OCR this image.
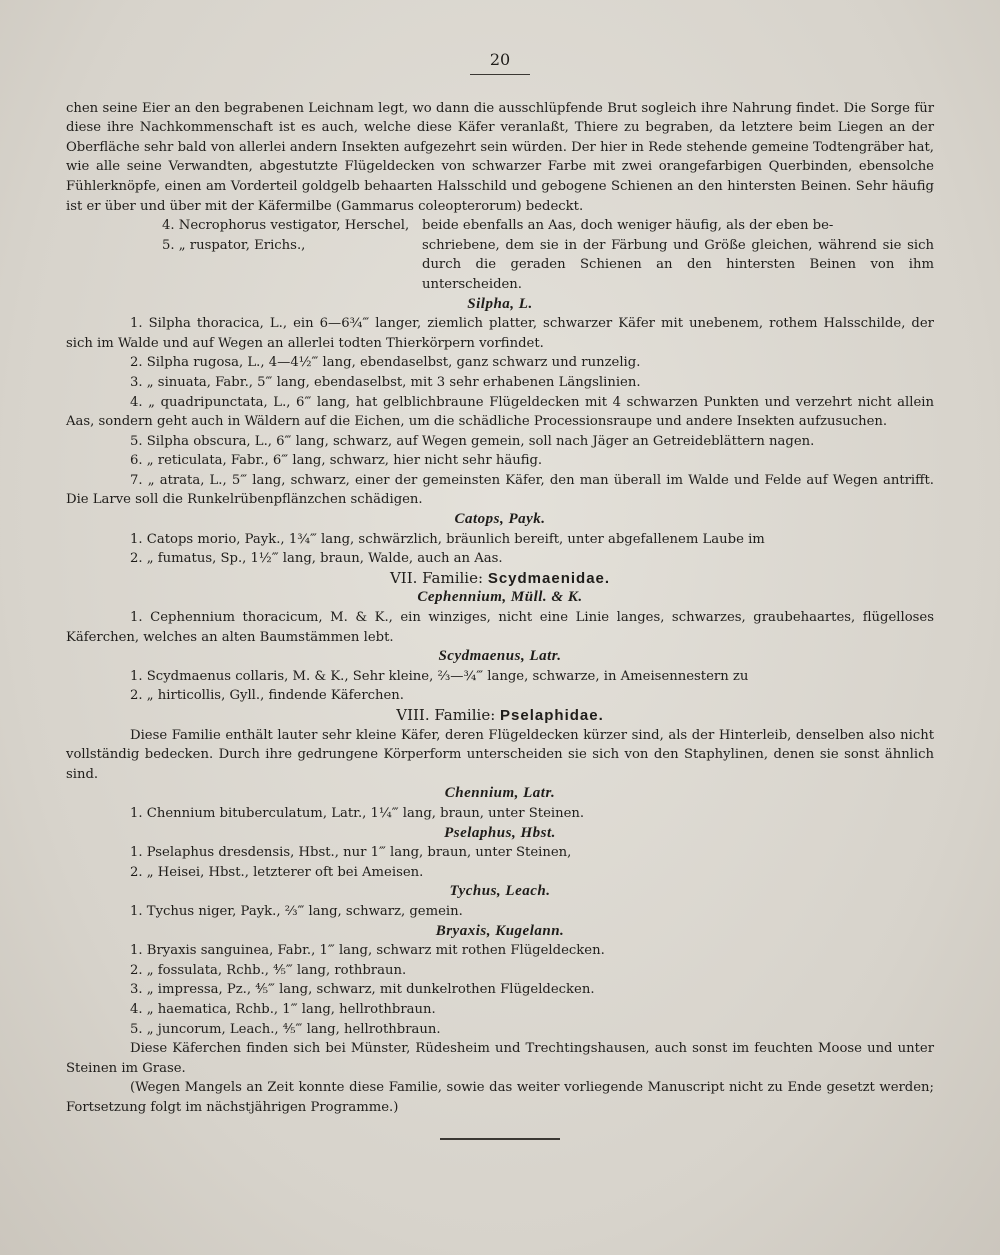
20

chen seine Eier an den begrabenen Leichnam legt, wo dann die ausschlüpfende Brut sogleich ihre Nahrung findet. Die Sorge für diese ihre Nachkommenschaft ist es auch, welche diese Käfer veranlaßt, Thiere zu begraben, da letztere beim Liegen an der Oberfläche sehr bald von allerlei andern Insekten aufgezehrt sein würden. Der hier in Rede stehende gemeine Todtengräber hat, wie alle seine Verwandten, abgestutzte Flügeldecken von schwarzer Farbe mit zwei orangefarbigen Querbinden, ebensolche Fühlerknöpfe, einen am Vorderteil goldgelb behaarten Halsschild und gebogene Schienen an den hintersten Beinen. Sehr häufig ist er über und über mit der Käfermilbe (Gammarus coleopterorum) bedeckt.

4. Necrophorus vestigator, Herschel, beide ebenfalls an Aas, doch weniger häufig, als der eben be-
5. „ ruspator, Erichs.,	schriebene, dem sie in der Färbung und Größe gleichen, während sie sich durch die geraden Schienen an den hintersten Beinen von ihm unterscheiden.
Silpha, L.

1. Silpha thoracica, L., ein 6—6¾‴ langer, ziemlich platter, schwarzer Käfer mit unebenem, rothem Halsschilde, der sich im Walde und auf Wegen an allerlei todten Thierkörpern vorfindet.

2. Silpha rugosa, L., 4—4½‴ lang, ebendaselbst, ganz schwarz und runzelig.

3. „ sinuata, Fabr., 5‴ lang, ebendaselbst, mit 3 sehr erhabenen Längslinien.

4. „ quadripunctata, L., 6‴ lang, hat gelblichbraune Flügeldecken mit 4 schwarzen Punkten und verzehrt nicht allein Aas, sondern geht auch in Wäldern auf die Eichen, um die schädliche Processionsraupe und andere Insekten aufzusuchen.

5. Silpha obscura, L., 6‴ lang, schwarz, auf Wegen gemein, soll nach Jäger an Getreideblättern nagen.

6. „ reticulata, Fabr., 6‴ lang, schwarz, hier nicht sehr häufig.

7. „ atrata, L., 5‴ lang, schwarz, einer der gemeinsten Käfer, den man überall im Walde und Felde auf Wegen antrifft. Die Larve soll die Runkelrübenpflänzchen schädigen.

Catops, Payk.

1. Catops morio, Payk., 1¾‴ lang, schwärzlich, bräunlich bereift, unter abgefallenem Laube im

2. „ fumatus, Sp., 1½‴ lang, braun, Walde, auch an Aas.

VII. Familie: Scydmaenidae.
Cephennium, Müll. & K.

1. Cephennium thoracicum, M. & K., ein winziges, nicht eine Linie langes, schwarzes, graubehaartes, flügelloses Käferchen, welches an alten Baumstämmen lebt.

Scydmaenus, Latr.

1. Scydmaenus collaris, M. & K., Sehr kleine, ⅔—¾‴ lange, schwarze, in Ameisennestern zu

2. „ hirticollis, Gyll., findende Käferchen.

VIII. Familie: Pselaphidae.

Diese Familie enthält lauter sehr kleine Käfer, deren Flügeldecken kürzer sind, als der Hinterleib, denselben also nicht vollständig bedecken. Durch ihre gedrungene Körperform unterscheiden sie sich von den Staphylinen, denen sie sonst ähnlich sind.

Chennium, Latr.

1. Chennium bituberculatum, Latr., 1¼‴ lang, braun, unter Steinen.

Pselaphus, Hbst.

1. Pselaphus dresdensis, Hbst., nur 1‴ lang, braun, unter Steinen,

2. „ Heisei, Hbst., letzterer oft bei Ameisen.

Tychus, Leach.

1. Tychus niger, Payk., ⅔‴ lang, schwarz, gemein.

Bryaxis, Kugelann.

1. Bryaxis sanguinea, Fabr., 1‴ lang, schwarz mit rothen Flügeldecken.

2. „ fossulata, Rchb., ⅘‴ lang, rothbraun.

3. „ impressa, Pz., ⅘‴ lang, schwarz, mit dunkelrothen Flügeldecken.

4. „ haematica, Rchb., 1‴ lang, hellrothbraun.

5. „ juncorum, Leach., ⅘‴ lang, hellrothbraun.

Diese Käferchen finden sich bei Münster, Rüdesheim und Trechtingshausen, auch sonst im feuchten Moose und unter Steinen im Grase.

(Wegen Mangels an Zeit konnte diese Familie, sowie das weiter vorliegende Manuscript nicht zu Ende gesetzt werden; Fortsetzung folgt im nächstjährigen Programme.)
